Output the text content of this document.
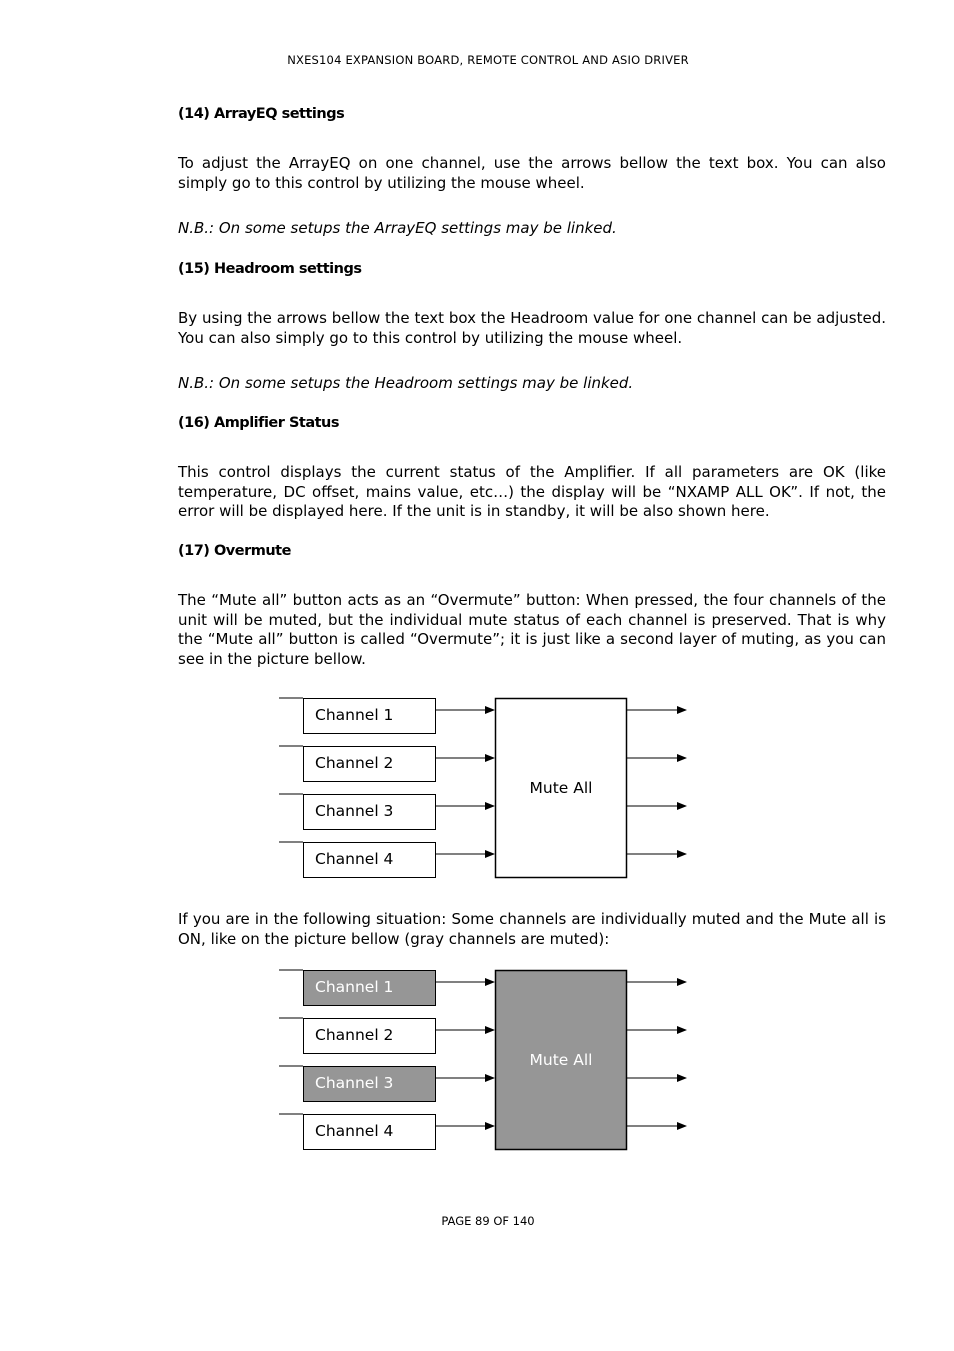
NXES104 EXPANSION BOARD, REMOTE CONTROL AND ASIO DRIVER
(14) ArrayEQ settings
To adjust the ArrayEQ on one channel, use the arrows bellow the text box. You can also simply go to this control by utilizing the mouse wheel.
N.B.: On some setups the ArrayEQ settings may be linked.
(15) Headroom settings
By using the arrows bellow the text box the Headroom value for one channel can be adjusted. You can also simply go to this control by utilizing the mouse wheel.
N.B.: On some setups the Headroom settings may be linked.
(16) Amplifier Status
This control displays the current status of the Amplifier. If all parameters are OK (like temperature, DC offset, mains value, etc…) the display will be “NXAMP ALL OK”. If not, the error will be displayed here. If the unit is in standby, it will be also shown here.
(17) Overmute
The “Mute all” button acts as an “Overmute” button: When pressed, the four channels of the unit will be muted, but the individual mute status of each channel is preserved. That is why the “Mute all” button is called “Overmute”; it is just like a second layer of muting, as you can see in the picture bellow.
Channel 1
Channel 2
Channel 3
Channel 4
Mute All
If you are in the following situation: Some channels are individually muted and the Mute all is ON, like on the picture bellow (gray channels are muted):
Channel 1
Channel 2
Channel 3
Channel 4
Mute All
PAGE 89 OF 140
